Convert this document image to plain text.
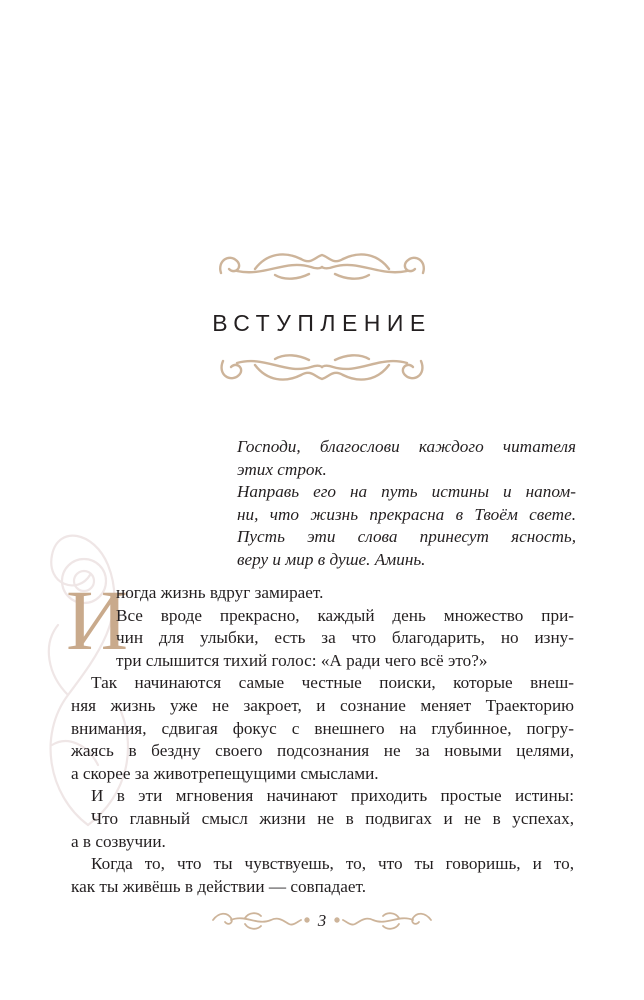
ВСТУПЛЕНИЕ
Господи, благослови каждого читателя
этих строк.
Направь его на путь истины и напом-
ни, что жизнь прекрасна в Твоём свете.
Пусть эти слова принесут ясность,
веру и мир в душе. Аминь.
И
ногда жизнь вдруг замирает.
Все вроде прекрасно, каждый день множество при-
чин для улыбки, есть за что благодарить, но изну-
три слышится тихий голос: «А ради чего всё это?»
Так начинаются самые честные поиски, которые внеш-
няя жизнь уже не закроет, и сознание меняет Траекторию
внимания, сдвигая фокус с внешнего на глубинное, погру-
жаясь в бездну своего подсознания не за новыми целями,
а скорее за животрепещущими смыслами.
И в эти мгновения начинают приходить простые истины:
Что главный смысл жизни не в подвигах и не в успехах,
а в созвучии.
Когда то, что ты чувствуешь, то, что ты говоришь, и то,
как ты живёшь в действии — совпадает.
3
